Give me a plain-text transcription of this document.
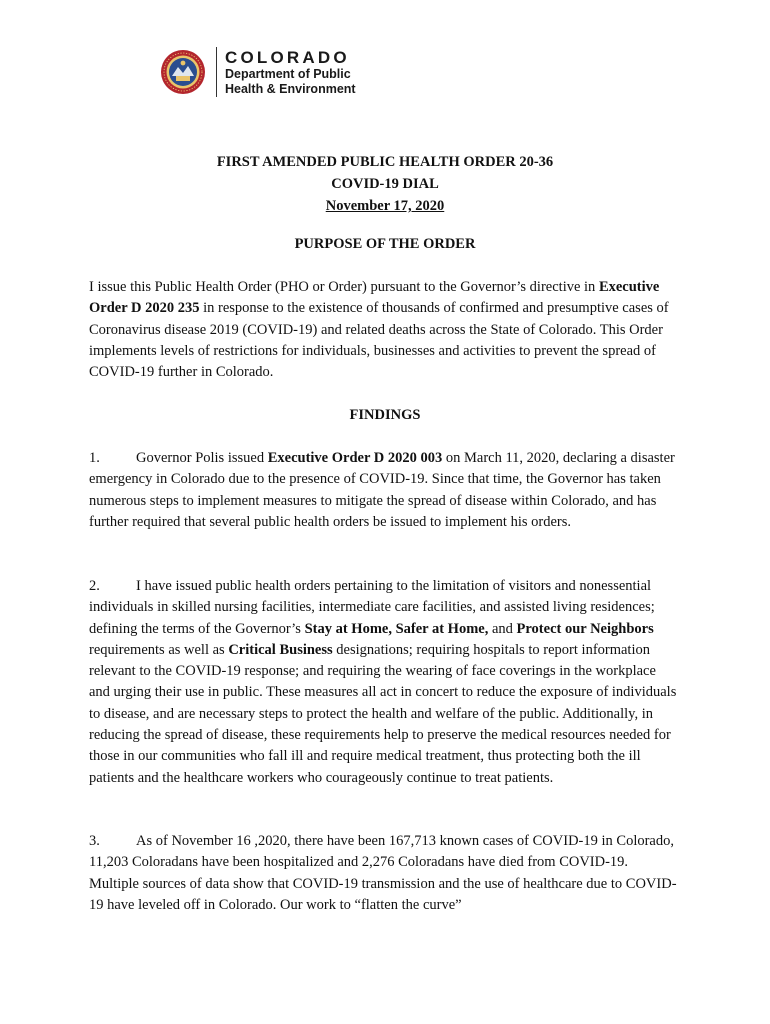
COLORADO
Department of Public
Health & Environment
FIRST AMENDED PUBLIC HEALTH ORDER 20-36
COVID-19 DIAL
November 17, 2020
PURPOSE OF THE ORDER

I issue this Public Health Order (PHO or Order) pursuant to the Governor’s directive in Executive Order D 2020 235 in response to the existence of thousands of confirmed and presumptive cases of Coronavirus disease 2019 (COVID-19) and related deaths across the State of Colorado. This Order implements levels of restrictions for individuals, businesses and activities to prevent the spread of COVID-19 further in Colorado.

FINDINGS

1. Governor Polis issued Executive Order D 2020 003 on March 11, 2020, declaring a disaster emergency in Colorado due to the presence of COVID-19. Since that time, the Governor has taken numerous steps to implement measures to mitigate the spread of disease within Colorado, and has further required that several public health orders be issued to implement his orders.

2. I have issued public health orders pertaining to the limitation of visitors and nonessential individuals in skilled nursing facilities, intermediate care facilities, and assisted living residences; defining the terms of the Governor’s Stay at Home, Safer at Home, and Protect our Neighbors requirements as well as Critical Business designations; requiring hospitals to report information relevant to the COVID-19 response; and requiring the wearing of face coverings in the workplace and urging their use in public. These measures all act in concert to reduce the exposure of individuals to disease, and are necessary steps to protect the health and welfare of the public. Additionally, in reducing the spread of disease, these requirements help to preserve the medical resources needed for those in our communities who fall ill and require medical treatment, thus protecting both the ill patients and the healthcare workers who courageously continue to treat patients.

3. As of November 16 ,2020, there have been 167,713 known cases of COVID-19 in Colorado, 11,203 Coloradans have been hospitalized and 2,276 Coloradans have died from COVID-19. Multiple sources of data show that COVID-19 transmission and the use of healthcare due to COVID-19 have leveled off in Colorado. Our work to “flatten the curve”
